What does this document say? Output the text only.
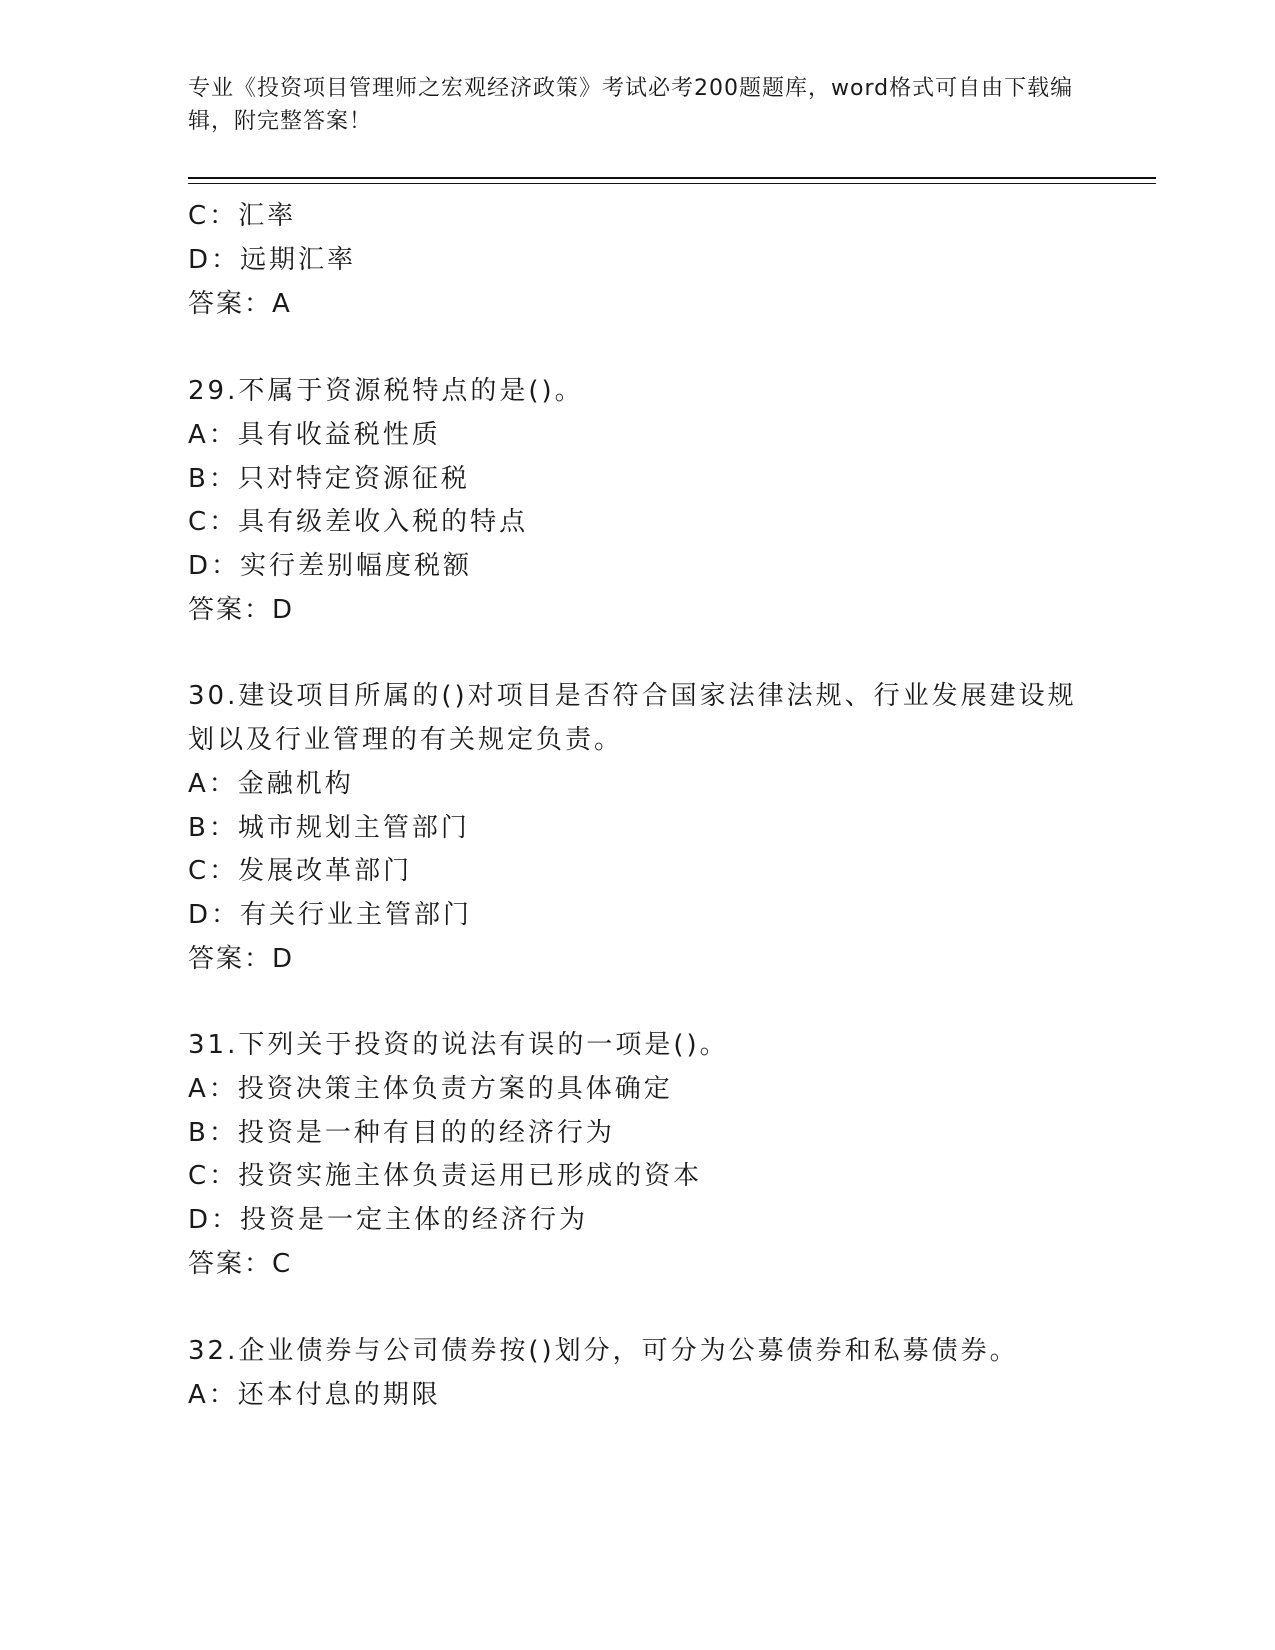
专业《投资项目管理师之宏观经济政策》考试必考200题题库，word格式可自由下载编辑，附完整答案！
C：汇率
D：远期汇率
答案：A
29.不属于资源税特点的是()。
A：具有收益税性质
B：只对特定资源征税
C：具有级差收入税的特点
D：实行差别幅度税额
答案：D
30.建设项目所属的()对项目是否符合国家法律法规、行业发展建设规
划以及行业管理的有关规定负责。
A：金融机构
B：城市规划主管部门
C：发展改革部门
D：有关行业主管部门
答案：D
31.下列关于投资的说法有误的一项是()。
A：投资决策主体负责方案的具体确定
B：投资是一种有目的的经济行为
C：投资实施主体负责运用已形成的资本
D：投资是一定主体的经济行为
答案：C
32.企业债券与公司债券按()划分，可分为公募债券和私募债券。
A：还本付息的期限
